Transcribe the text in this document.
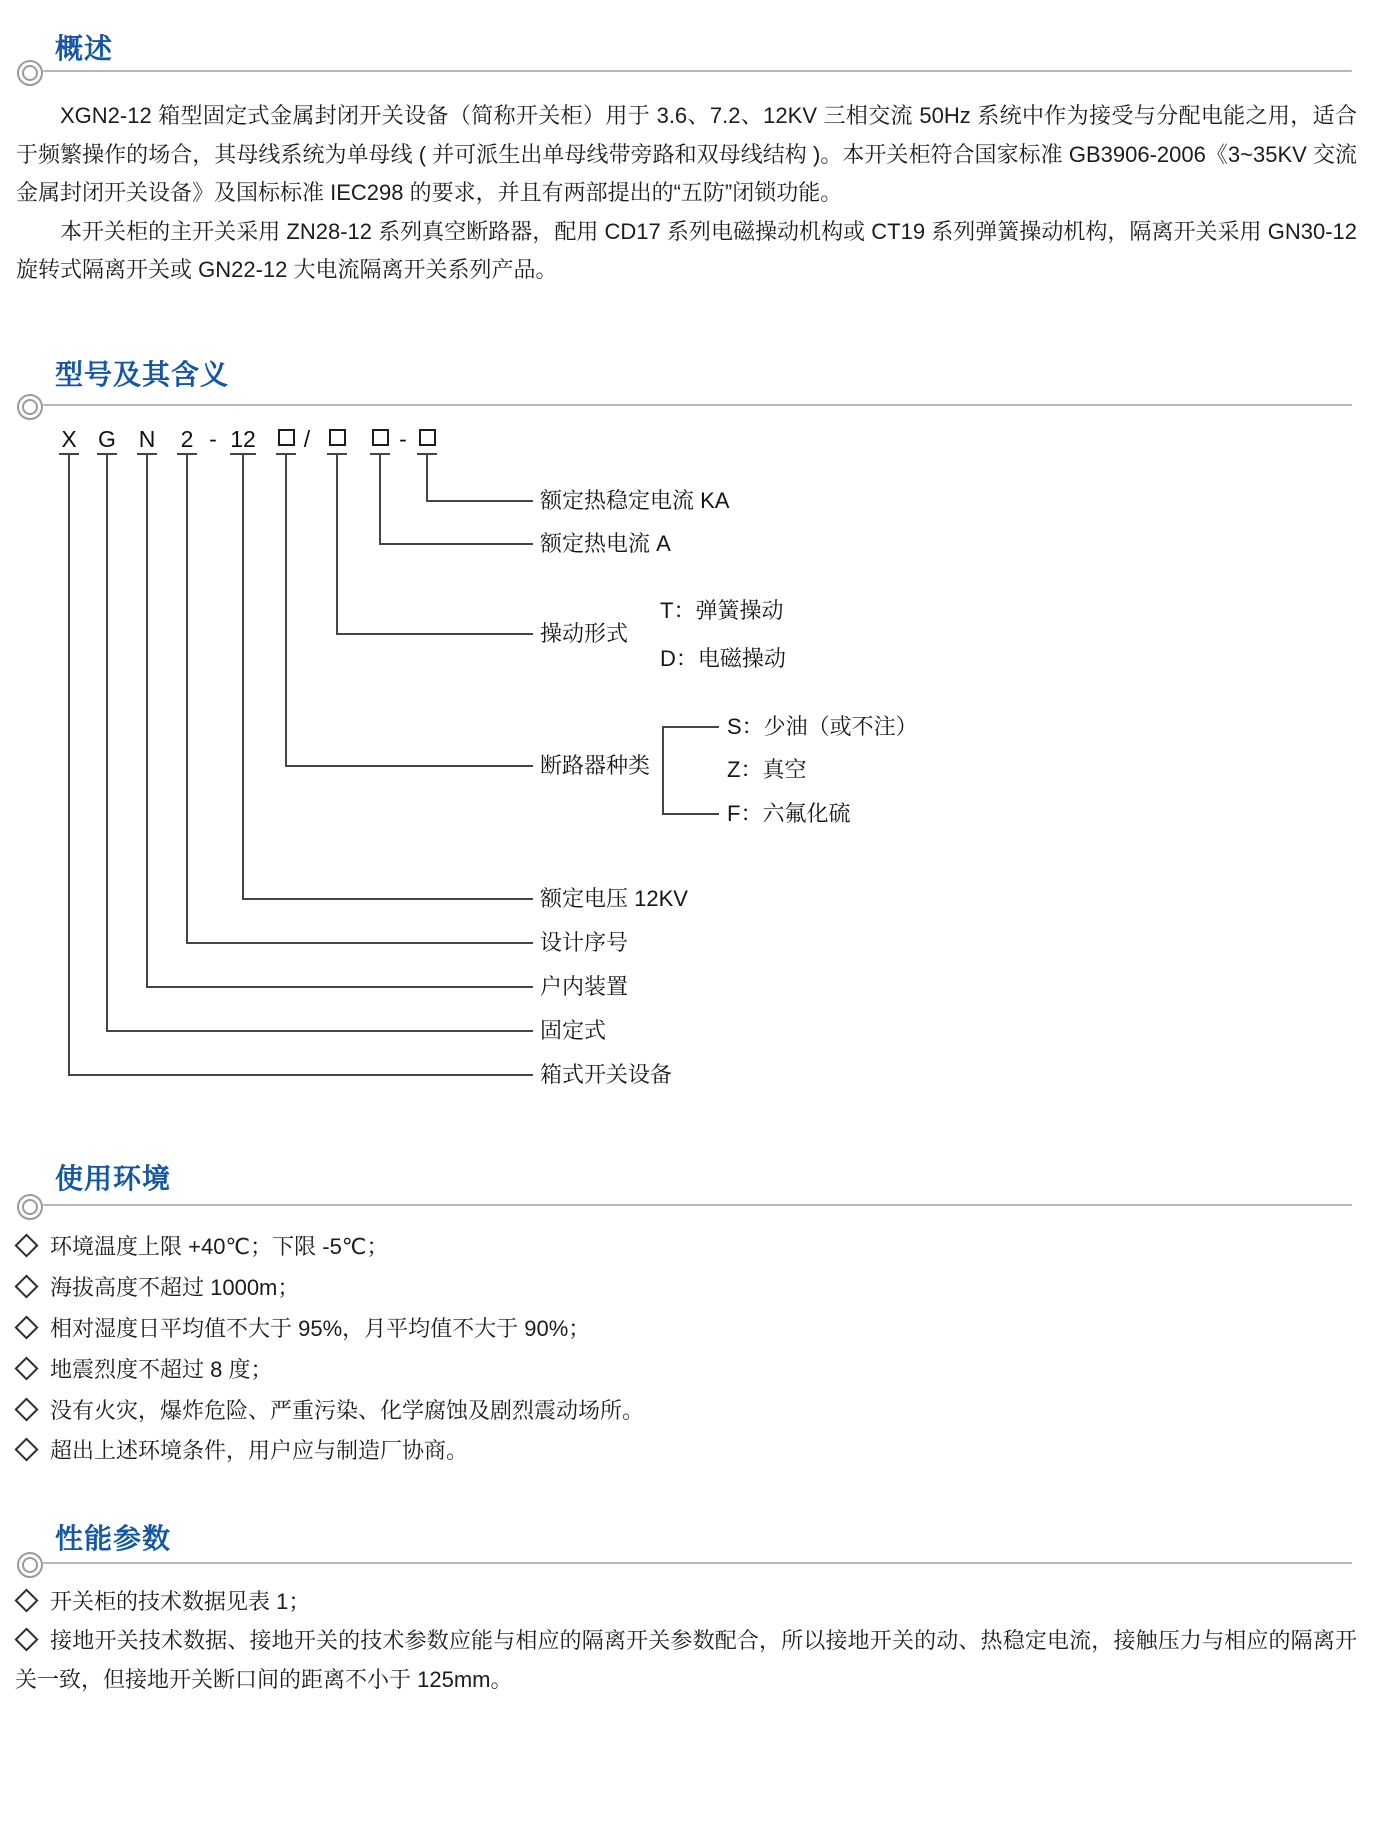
概述

XGN2-12 箱型固定式金属封闭开关设备（简称开关柜）用于 3.6、7.2、12KV 三相交流 50Hz 系统中作为接受与分配电能之用，适合于频繁操作的场合，其母线系统为单母线 ( 并可派生出单母线带旁路和双母线结构 )。本开关柜符合国家标准 GB3906-2006《3~35KV 交流金属封闭开关设备》及国标标准 IEC298 的要求，并且有两部提出的“五防”闭锁功能。

本开关柜的主开关采用 ZN28-12 系列真空断路器，配用 CD17 系列电磁操动机构或 CT19 系列弹簧操动机构，隔离开关采用 GN30-12 旋转式隔离开关或 GN22-12 大电流隔离开关系列产品。

型号及其含义
X G N	2 - 12	/	-
额定热稳定电流 KA
额定热电流 A
操动形式
断路器种类
额定电压 12KV
设计序号
户内装置
固定式
箱式开关设备
T：弹簧操动
D：电磁操动
S：少油（或不注）
Z：真空
F：六氟化硫
使用环境
环境温度上限 +40℃；下限 -5℃；
海拔高度不超过 1000m；
相对湿度日平均值不大于 95%，月平均值不大于 90%；
地震烈度不超过 8 度；
没有火灾，爆炸危险、严重污染、化学腐蚀及剧烈震动场所。
超出上述环境条件，用户应与制造厂协商。
性能参数
开关柜的技术数据见表 1；
接地开关技术数据、接地开关的技术参数应能与相应的隔离开关参数配合，所以接地开关的动、热稳定电流，接触压力与相应的隔离开关一致，但接地开关断口间的距离不小于 125mm。
